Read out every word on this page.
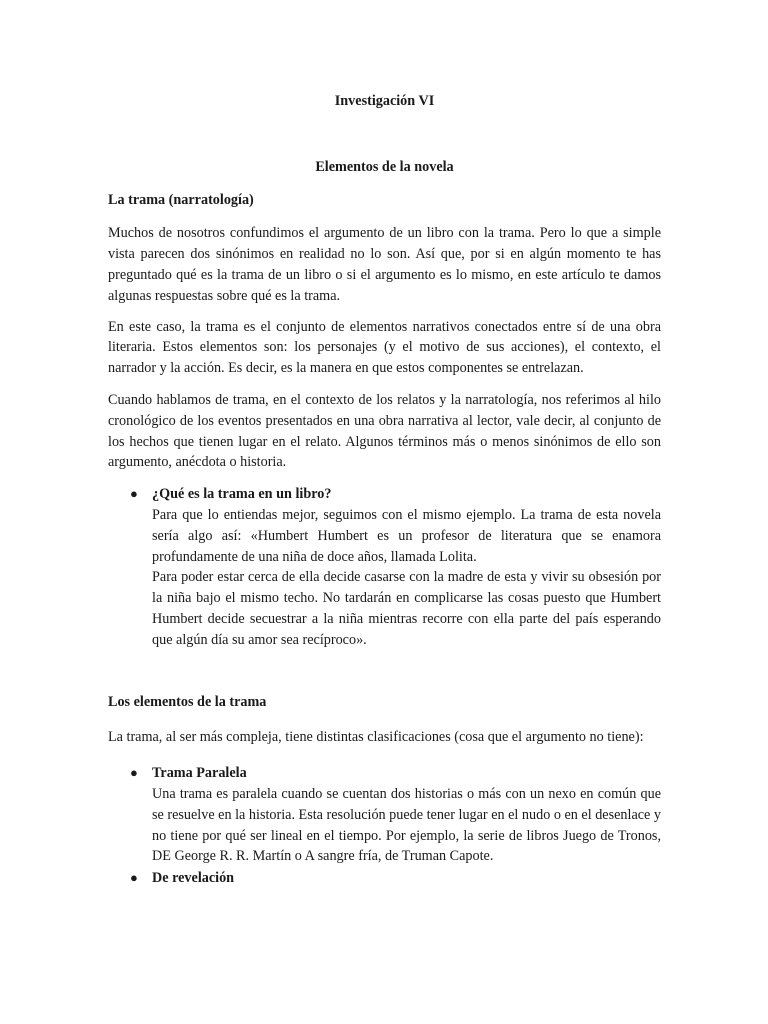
Investigación VI
Elementos de la novela
La trama (narratología)

Muchos de nosotros confundimos el argumento de un libro con la trama. Pero lo que a simple vista parecen dos sinónimos en realidad no lo son. Así que, por si en algún momento te has preguntado qué es la trama de un libro o si el argumento es lo mismo, en este artículo te damos algunas respuestas sobre qué es la trama.

En este caso, la trama es el conjunto de elementos narrativos conectados entre sí de una obra literaria. Estos elementos son: los personajes (y el motivo de sus acciones), el contexto, el narrador y la acción. Es decir, es la manera en que estos componentes se entrelazan.

Cuando hablamos de trama, en el contexto de los relatos y la narratología, nos referimos al hilo cronológico de los eventos presentados en una obra narrativa al lector, vale decir, al conjunto de los hechos que tienen lugar en el relato. Algunos términos más o menos sinónimos de ello son argumento, anécdota o historia.

● ¿Qué es la trama en un libro?
Para que lo entiendas mejor, seguimos con el mismo ejemplo. La trama de esta novela sería algo así: «Humbert Humbert es un profesor de literatura que se enamora profundamente de una niña de doce años, llamada Lolita.
Para poder estar cerca de ella decide casarse con la madre de esta y vivir su obsesión por la niña bajo el mismo techo. No tardarán en complicarse las cosas puesto que Humbert Humbert decide secuestrar a la niña mientras recorre con ella parte del país esperando que algún día su amor sea recíproco».
Los elementos de la trama

La trama, al ser más compleja, tiene distintas clasificaciones (cosa que el argumento no tiene):

● Trama Paralela
Una trama es paralela cuando se cuentan dos historias o más con un nexo en común que se resuelve en la historia. Esta resolución puede tener lugar en el nudo o en el desenlace y no tiene por qué ser lineal en el tiempo. Por ejemplo, la serie de libros Juego de Tronos, DE George R. R. Martín o A sangre fría, de Truman Capote.
● De revelación
